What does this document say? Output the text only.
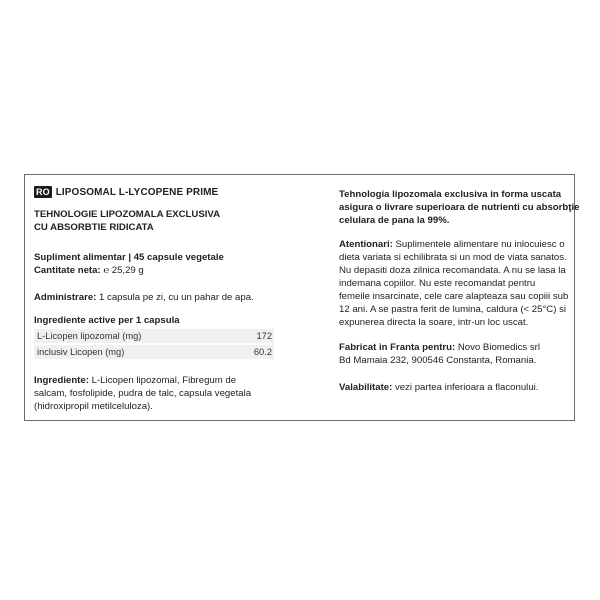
RO LIPOSOMAL L-LYCOPENE PRIME
TEHNOLOGIE LIPOZOMALA EXCLUSIVA
CU ABSORBTIE RIDICATA
Supliment alimentar | 45 capsule vegetale
Cantitate neta: ℮ 25,29 g
Administrare: 1 capsula pe zi, cu un pahar de apa.
Ingrediente active per 1 capsula
L-Licopen lipozomal (mg)	172
inclusiv Licopen (mg)	60.2
Ingrediente: L-Licopen lipozomal, Fibregum de
salcam, fosfolipide, pudra de talc, capsula vegetala
(hidroxipropil metilceluloza).
Tehnologia lipozomala exclusiva in forma uscata
asigura o livrare superioara de nutrienti cu absorbţie
celulara de pana la 99%.
Atentionari: Suplimentele alimentare nu inlocuiesc o
dieta variata si echilibrata si un mod de viata sanatos.
Nu depasiti doza zilnica recomandata. A nu se lasa la
indemana copiilor. Nu este recomandat pentru
femeile insarcinate, cele care alapteaza sau copiii sub
12 ani. A se pastra ferit de lumina, caldura (< 25°C) si
expunerea directa la soare, intr-un loc uscat.
Fabricat in Franta pentru: Novo Biomedics srl
Bd Mamaia 232, 900546 Constanta, Romania.
Valabilitate: vezi partea inferioara a flaconului.
